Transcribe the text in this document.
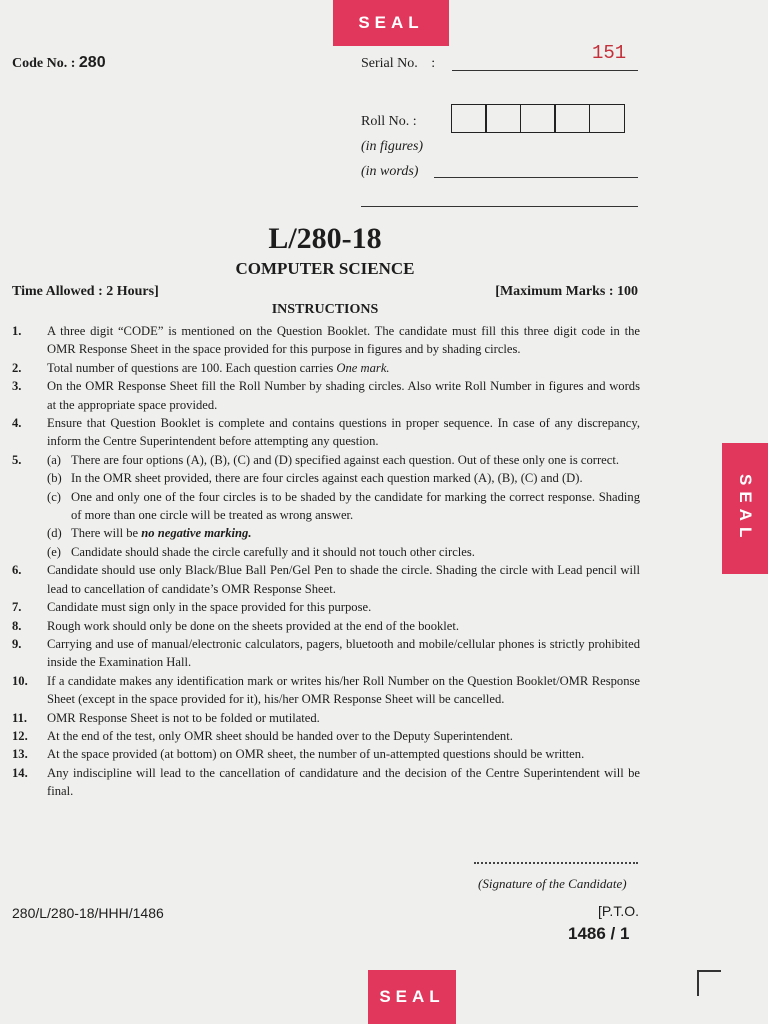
SEAL
SEAL
SEAL
Code No. : 280	Serial No. :	151
Roll No. :
(in figures)
(in words)
L/280-18
COMPUTER SCIENCE
Time Allowed : 2 Hours]	[Maximum Marks : 100
INSTRUCTIONS
1.	A three digit “CODE” is mentioned on the Question Booklet. The candidate must fill this three digit code in the OMR Response Sheet in the space provided for this purpose in figures and by shading circles.
2.	Total number of questions are 100. Each question carries One mark.
3.	On the OMR Response Sheet fill the Roll Number by shading circles. Also write Roll Number in figures and words at the appropriate space provided.
4.	Ensure that Question Booklet is complete and contains questions in proper sequence. In case of any discrepancy, inform the Centre Superintendent before attempting any question.
5.	(a) There are four options (A), (B), (C) and (D) specified against each question. Out of these only one is correct.
(b) In the OMR sheet provided, there are four circles against each question marked (A), (B), (C) and (D).
(c) One and only one of the four circles is to be shaded by the candidate for marking the correct response. Shading of more than one circle will be treated as wrong answer.
(d) There will be no negative marking.
(e) Candidate should shade the circle carefully and it should not touch other circles.
6.	Candidate should use only Black/Blue Ball Pen/Gel Pen to shade the circle. Shading the circle with Lead pencil will lead to cancellation of candidate’s OMR Response Sheet.
7.	Candidate must sign only in the space provided for this purpose.
8.	Rough work should only be done on the sheets provided at the end of the booklet.
9.	Carrying and use of manual/electronic calculators, pagers, bluetooth and mobile/cellular phones is strictly prohibited inside the Examination Hall.
10.	If a candidate makes any identification mark or writes his/her Roll Number on the Question Booklet/OMR Response Sheet (except in the space provided for it), his/her OMR Response Sheet will be cancelled.
11.	OMR Response Sheet is not to be folded or mutilated.
12.	At the end of the test, only OMR sheet should be handed over to the Deputy Superintendent.
13.	At the space provided (at bottom) on OMR sheet, the number of un-attempted questions should be written.
14.	Any indiscipline will lead to the cancellation of candidature and the decision of the Centre Superintendent will be final.
(Signature of the Candidate)
280/L/280-18/HHH/1486	[P.T.O.
1486 / 1
